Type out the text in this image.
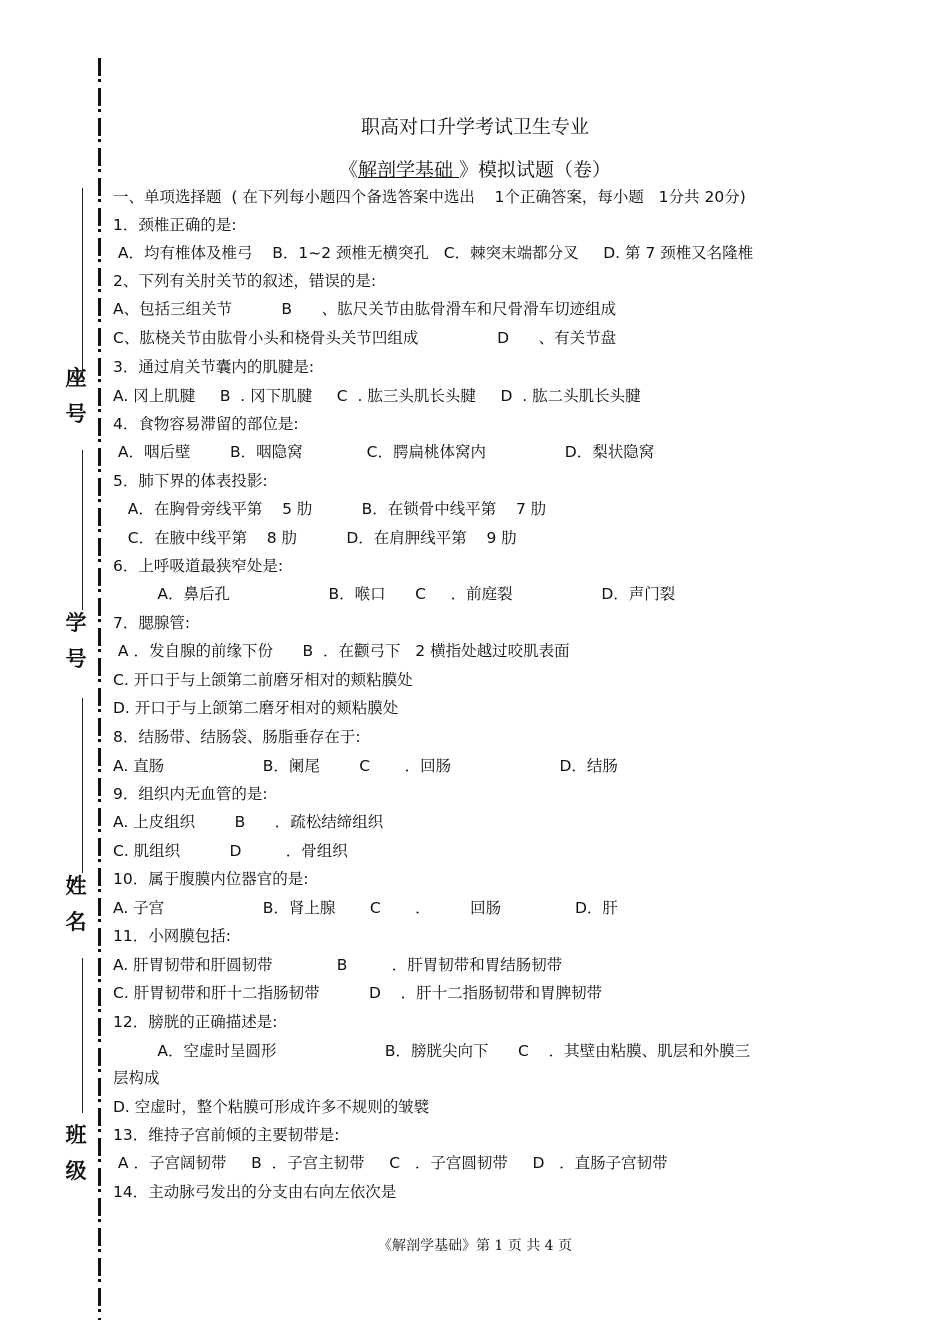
座号
学号
姓名
班级
职高对口升学考试卫生专业
《解剖学基础 》模拟试题（卷）
一、单项选择题  ( 在下列每小题四个备选答案中选出    1个正确答案，每小题   1分共 20分)
1．颈椎正确的是:
A．均有椎体及椎弓    B．1~2 颈椎无横突孔   C．棘突末端都分叉     D. 第 7 颈椎又名隆椎
2、下列有关肘关节的叙述，错误的是:
A、包括三组关节          B      、肱尺关节由肱骨滑车和尺骨滑车切迹组成
C、肱桡关节由肱骨小头和桡骨头关节凹组成                D      、有关节盘
3．通过肩关节囊内的肌腱是:
A. 冈上肌腱     B  . 冈下肌腱     C  . 肱三头肌长头腱     D  . 肱二头肌长头腱
4．食物容易滞留的部位是:
A．咽后壁        B．咽隐窝             C．腭扁桃体窝内                D．梨状隐窝
5．肺下界的体表投影:
A．在胸骨旁线平第    5 肋          B．在锁骨中线平第    7 肋
C．在腋中线平第    8 肋          D．在肩胛线平第    9 肋
6．上呼吸道最狭窄处是:
A．鼻后孔                    B．喉口      C     ．前庭裂                  D．声门裂
7．腮腺管:
A ．发自腺的前缘下份      B  ．在颧弓下   2 横指处越过咬肌表面
C. 开口于与上颌第二前磨牙相对的颊粘膜处
D. 开口于与上颌第二磨牙相对的颊粘膜处
8．结肠带、结肠袋、肠脂垂存在于:
A. 直肠                    B．阑尾        C       ．回肠                      D．结肠
9．组织内无血管的是:
A. 上皮组织        B      ．疏松结缔组织
C. 肌组织          D         ．骨组织
10．属于腹膜内位器官的是:
A. 子宫                    B．肾上腺       C       ．        回肠               D．肝
11．小网膜包括:
A. 肝胃韧带和肝圆韧带             B         ．肝胃韧带和胃结肠韧带
C. 肝胃韧带和肝十二指肠韧带          D    ．肝十二指肠韧带和胃脾韧带
12．膀胱的正确描述是:
A．空虚时呈圆形                      B．膀胱尖向下      C    ．其壁由粘膜、肌层和外膜三
层构成
D. 空虚时，整个粘膜可形成许多不规则的皱襞
13．维持子宫前倾的主要韧带是:
A ．子宫阔韧带     B  ．子宫主韧带     C   ．子宫圆韧带     D   ．直肠子宫韧带
14．主动脉弓发出的分支由右向左依次是
《解剖学基础》第 1 页 共 4 页
